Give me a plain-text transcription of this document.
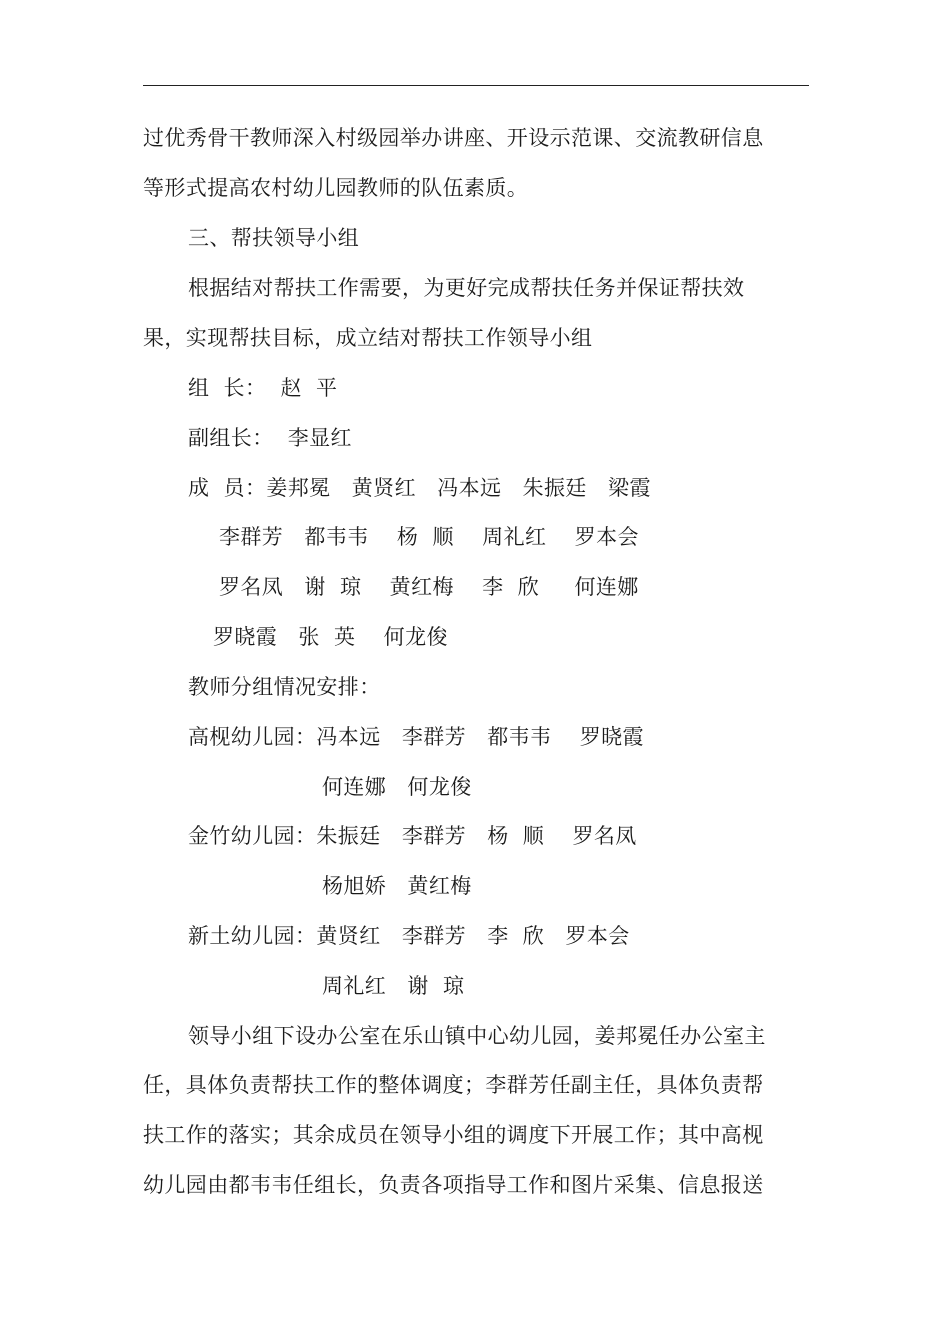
过优秀骨干教师深入村级园举办讲座、开设示范课、交流教研信息
等形式提高农村幼儿园教师的队伍素质。
三、帮扶领导小组
根据结对帮扶工作需要，为更好完成帮扶任务并保证帮扶效
果，实现帮扶目标，成立结对帮扶工作领导小组
组  长：  赵  平
副组长：  李显红
成  员：姜邦冕   黄贤红   冯本远   朱振廷   梁霞
李群芳   都韦韦    杨  顺    周礼红    罗本会
罗名凤   谢  琼    黄红梅    李  欣     何连娜
罗晓霞   张  英    何龙俊
教师分组情况安排：
高枧幼儿园：冯本远   李群芳   都韦韦    罗晓霞
何连娜   何龙俊
金竹幼儿园：朱振廷   李群芳   杨  顺    罗名凤
杨旭娇   黄红梅
新土幼儿园：黄贤红   李群芳   李  欣   罗本会
周礼红   谢  琼
领导小组下设办公室在乐山镇中心幼儿园，姜邦冕任办公室主
任，具体负责帮扶工作的整体调度；李群芳任副主任，具体负责帮
扶工作的落实；其余成员在领导小组的调度下开展工作；其中高枧
幼儿园由都韦韦任组长，负责各项指导工作和图片采集、信息报送
